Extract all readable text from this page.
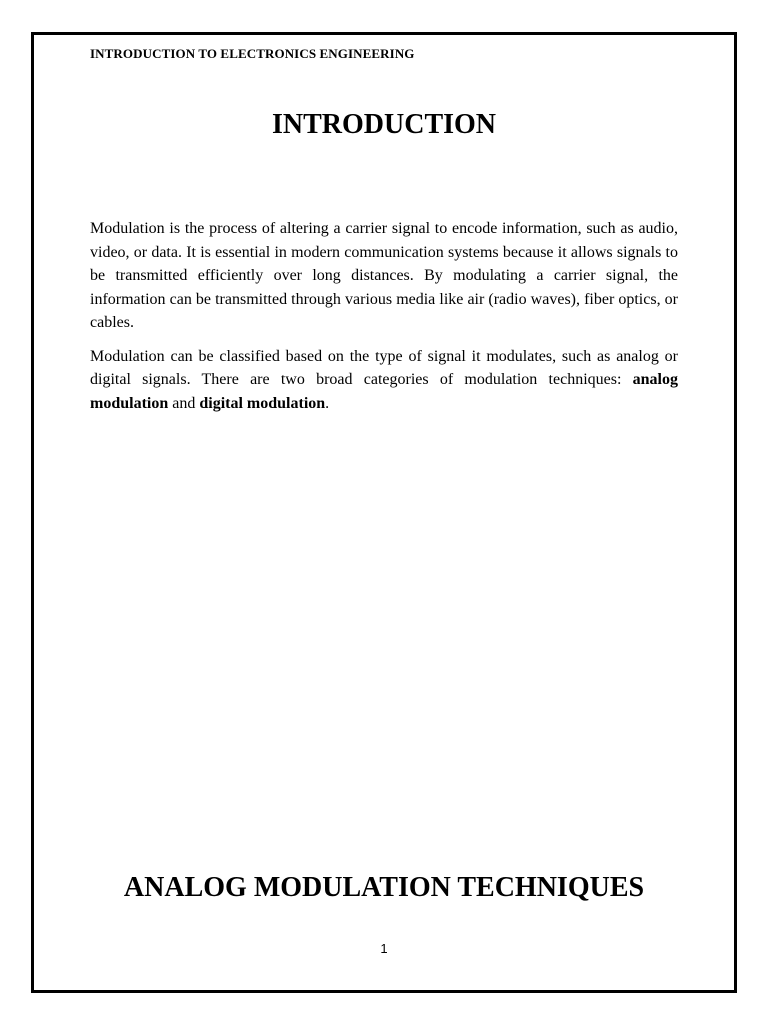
INTRODUCTION TO ELECTRONICS ENGINEERING
INTRODUCTION

Modulation is the process of altering a carrier signal to encode information, such as audio, video, or data. It is essential in modern communication systems because it allows signals to be transmitted efficiently over long distances. By modulating a carrier signal, the information can be transmitted through various media like air (radio waves), fiber optics, or cables.

Modulation can be classified based on the type of signal it modulates, such as analog or digital signals. There are two broad categories of modulation techniques: analog modulation and digital modulation.

ANALOG MODULATION TECHNIQUES
1
